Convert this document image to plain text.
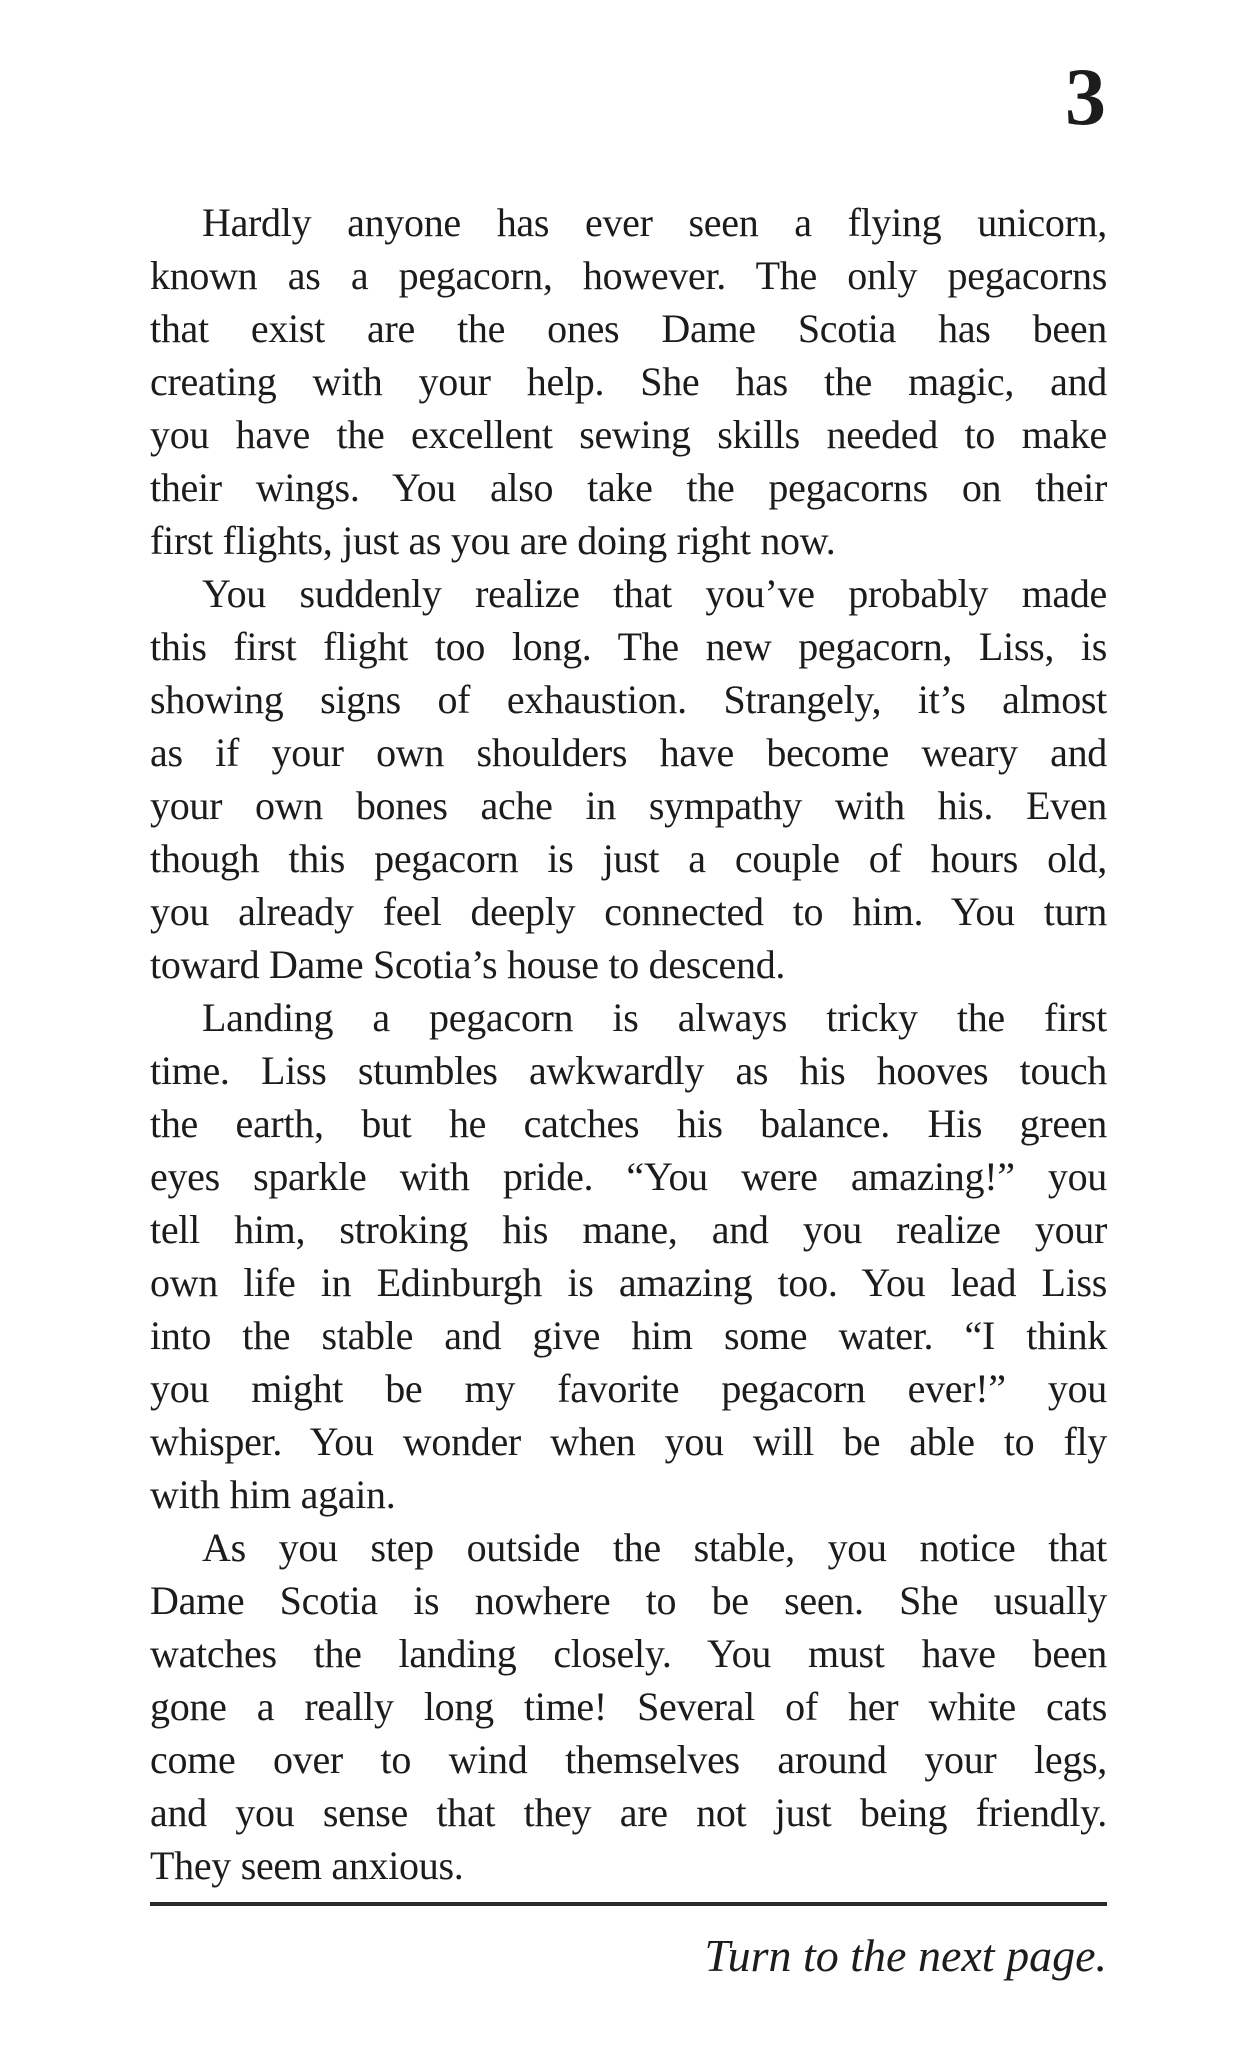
3
Hardly anyone has ever seen a flying unicorn,
known as a pegacorn, however. The only pegacorns
that exist are the ones Dame Scotia has been
creating with your help. She has the magic, and
you have the excellent sewing skills needed to make
their wings. You also take the pegacorns on their
first flights, just as you are doing right now.
You suddenly realize that you’ve probably made
this first flight too long. The new pegacorn, Liss, is
showing signs of exhaustion. Strangely, it’s almost
as if your own shoulders have become weary and
your own bones ache in sympathy with his. Even
though this pegacorn is just a couple of hours old,
you already feel deeply connected to him. You turn
toward Dame Scotia’s house to descend.
Landing a pegacorn is always tricky the first
time. Liss stumbles awkwardly as his hooves touch
the earth, but he catches his balance. His green
eyes sparkle with pride. “You were amazing!” you
tell him, stroking his mane, and you realize your
own life in Edinburgh is amazing too. You lead Liss
into the stable and give him some water. “I think
you might be my favorite pegacorn ever!” you
whisper. You wonder when you will be able to fly
with him again.
As you step outside the stable, you notice that
Dame Scotia is nowhere to be seen. She usually
watches the landing closely. You must have been
gone a really long time! Several of her white cats
come over to wind themselves around your legs,
and you sense that they are not just being friendly.
They seem anxious.
Turn to the next page.
